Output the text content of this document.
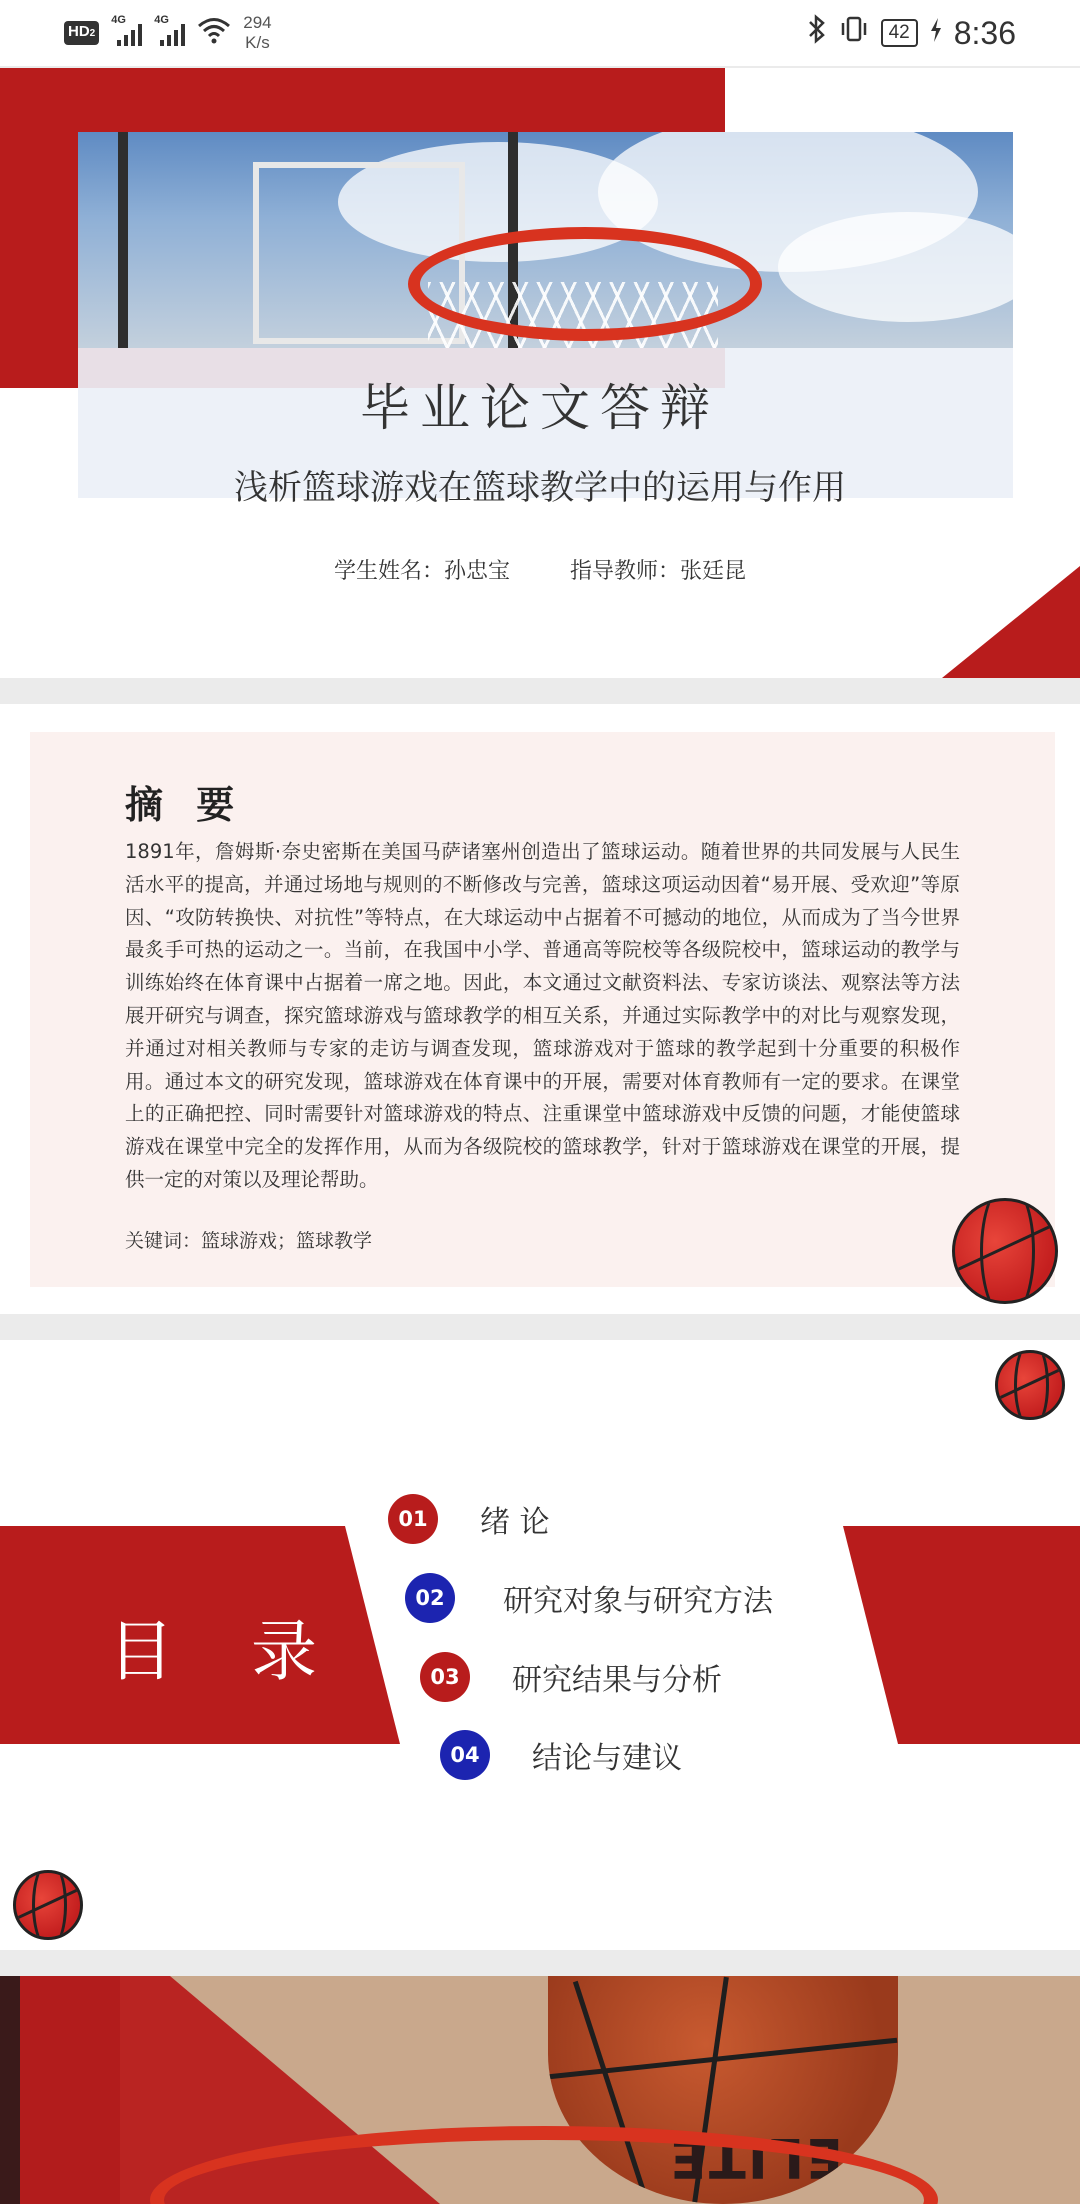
HD2
4G	4G	294
K/s	42 8:36
毕业论文答辩
浅析篮球游戏在篮球教学中的运用与作用
学生姓名：孙忠宝	指导教师：张廷昆
摘 要
1891年，詹姆斯·奈史密斯在美国马萨诸塞州创造出了篮球运动。随着世界的共同发展与人民生活水平的提高，并通过场地与规则的不断修改与完善，篮球这项运动因着“易开展、受欢迎”等原因、“攻防转换快、对抗性”等特点，在大球运动中占据着不可撼动的地位，从而成为了当今世界最炙手可热的运动之一。当前，在我国中小学、普通高等院校等各级院校中，篮球运动的教学与训练始终在体育课中占据着一席之地。因此，本文通过文献资料法、专家访谈法、观察法等方法展开研究与调查，探究篮球游戏与篮球教学的相互关系，并通过实际教学中的对比与观察发现，并通过对相关教师与专家的走访与调查发现，篮球游戏对于篮球的教学起到十分重要的积极作用。通过本文的研究发现，篮球游戏在体育课中的开展，需要对体育教师有一定的要求。在课堂上的正确把控、同时需要针对篮球游戏的特点、注重课堂中篮球游戏中反馈的问题，才能使篮球游戏在课堂中完全的发挥作用，从而为各级院校的篮球教学，针对于篮球游戏在课堂的开展，提供一定的对策以及理论帮助。
关键词：篮球游戏；篮球教学
目 录
01	绪 论
02	研究对象与研究方法
03	研究结果与分析
04	结论与建议
ELITE
